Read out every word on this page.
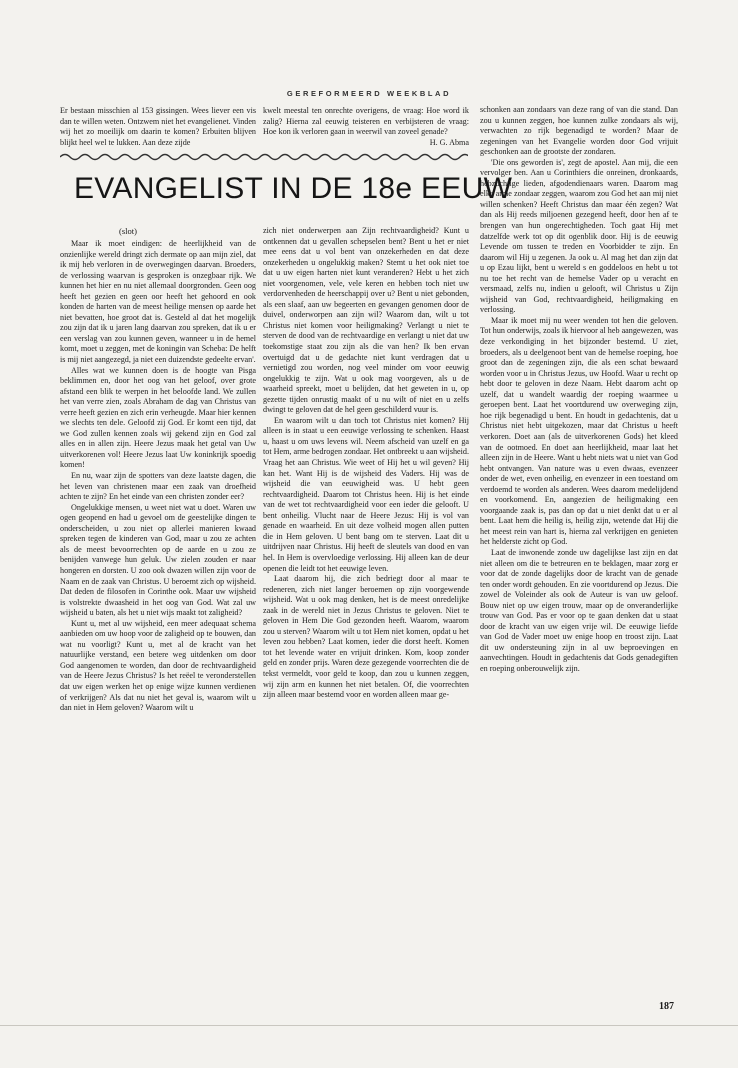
GEREFORMEERD WEEKBLAD

Er bestaan misschien al 153 gissingen. Wees liever een vis dan te willen weten. Ontzwem niet het evangelienet. Vinden wij het zo moeilijk om daarin te komen? Erbuiten blijven blijkt heel wel te lukken. Aan deze zijde

kwelt meestal ten onrechte overigens, de vraag: Hoe word ik zalig? Hierna zal eeuwig teisteren en verbijsteren de vraag: Hoe kon ik verloren gaan in weerwil van zoveel genade?

H. G. Abma

EVANGELIST IN DE 18e EEUW
(slot)

Maar ik moet eindigen: de heerlijkheid van de onzienlijke wereld dringt zich dermate op aan mijn ziel, dat ik mij heb verloren in de overwegingen daarvan. Broeders, de verlossing waarvan is gesproken is onzegbaar rijk. We kunnen het hier en nu niet allemaal doorgronden. Geen oog heeft het gezien en geen oor heeft het gehoord en ook konden de harten van de meest heilige mensen op aarde het niet bevatten, hoe groot dat is. Gesteld al dat het mogelijk zou zijn dat ik u jaren lang daarvan zou spreken, dat ik u er een verslag van zou kunnen geven, wanneer u in de hemel komt, moet u zeggen, met de koningin van Scheba: De helft is mij niet aangezegd, ja niet een duizendste gedeelte ervan'.

Alles wat we kunnen doen is de hoogte van Pisga beklimmen en, door het oog van het geloof, over grote afstand een blik te werpen in het beloofde land. We zullen het van verre zien, zoals Abraham de dag van Christus van verre heeft gezien en zich erin verheugde. Maar hier kennen we slechts ten dele. Geloofd zij God. Er komt een tijd, dat we God zullen kennen zoals wij gekend zijn en God zal alles en in allen zijn. Heere Jezus maak het getal van Uw uitverkorenen vol! Heere Jezus laat Uw koninkrijk spoedig komen!

En nu, waar zijn de spotters van deze laatste dagen, die het leven van christenen maar een zaak van droefheid achten te zijn? En het einde van een christen zonder eer?

Ongelukkige mensen, u weet niet wat u doet. Waren uw ogen geopend en had u gevoel om de geestelijke dingen te onderscheiden, u zou niet op allerlei manieren kwaad spreken tegen de kinderen van God, maar u zou ze achten als de meest bevoorrechten op de aarde en u zou ze benijden vanwege hun geluk. Uw zielen zouden er naar hongeren en dorsten. U zoo ook dwazen willen zijn voor de Naam en de zaak van Christus. U beroemt zich op wijsheid. Dat deden de filosofen in Corinthe ook. Maar uw wijsheid is volstrekte dwaasheid in het oog van God. Wat zal uw wijsheid u baten, als het u niet wijs maakt tot zaligheid?

Kunt u, met al uw wijsheid, een meer adequaat schema aanbieden om uw hoop voor de zaligheid op te bouwen, dan wat nu voorligt? Kunt u, met al de kracht van het natuurlijke verstand, een betere weg uitdenken om door God aangenomen te worden, dan door de rechtvaardigheid van de Heere Jezus Christus? Is het reëel te veronderstellen dat uw eigen werken het op enige wijze kunnen verdienen of verkrijgen? Als dat nu niet het geval is, waarom wilt u dan niet in Hem geloven? Waarom wilt u

zich niet onderwerpen aan Zijn rechtvaardigheid? Kunt u ontkennen dat u gevallen schepselen bent? Bent u het er niet mee eens dat u vol bent van onzekerheden en dat deze onzekerheden u ongelukkig maken? Stemt u het ook niet toe dat u uw eigen harten niet kunt veranderen? Hebt u het zich niet voorgenomen, vele, vele keren en hebben toch niet uw verdorvenheden de heerschappij over u? Bent u niet gebonden, als een slaaf, aan uw begeerten en gevangen genomen door de duivel, onderworpen aan zijn wil? Waarom dan, wilt u tot Christus niet komen voor heiligmaking? Verlangt u niet te sterven de dood van de rechtvaardige en verlangt u niet dat uw toekomstige staat zou zijn als die van hen? Ik ben ervan overtuigd dat u de gedachte niet kunt verdragen dat u vernietigd zou worden, nog veel minder om voor eeuwig ongelukkig te zijn. Wat u ook mag voorgeven, als u de waarheid spreekt, moet u belijden, dat het geweten in u, op gezette tijden onrustig maakt of u nu wilt of niet en u zelfs dwingt te geloven dat de hel geen geschilderd vuur is.

En waarom wilt u dan toch tot Christus niet komen? Hij alleen is in staat u een eeuwige verlossing te schenken. Haast u, haast u om uws levens wil. Neem afscheid van uzelf en ga tot Hem, arme bedrogen zondaar. Het ontbreekt u aan wijsheid. Vraag het aan Christus. Wie weet of Hij het u wil geven? Hij kan het. Want Hij is de wijsheid des Vaders. Hij was de wijsheid die van eeuwigheid was. U hebt geen rechtvaardigheid. Daarom tot Christus heen. Hij is het einde van de wet tot rechtvaardigheid voor een ieder die gelooft. U bent onheilig. Vlucht naar de Heere Jezus: Hij is vol van genade en waarheid. En uit deze volheid mogen allen putten die in Hem geloven. U bent bang om te sterven. Laat dit u uitdrijven naar Christus. Hij heeft de sleutels van dood en van hel. In Hem is overvloedige verlossing. Hij alleen kan de deur openen die leidt tot het eeuwige leven.

Laat daarom hij, die zich bedriegt door al maar te redeneren, zich niet langer beroemen op zijn voorgewende wijsheid. Wat u ook mag denken, het is de meest onredelijke zaak in de wereld niet in Jezus Christus te geloven. Niet te geloven in Hem Die God gezonden heeft. Waarom, waarom zou u sterven? Waarom wilt u tot Hem niet komen, opdat u het leven zou hebben? Laat komen, ieder die dorst heeft. Komen tot het levende water en vrijuit drinken. Kom, koop zonder geld en zonder prijs. Waren deze gezegende voorrechten die de tekst vermeldt, voor geld te koop, dan zou u kunnen zeggen, wij zijn arm en kunnen het niet betalen. Of, die voorrechten zijn alleen maar bestemd voor en worden alleen maar ge-

schonken aan zondaars van deze rang of van die stand. Dan zou u kunnen zeggen, hoe kunnen zulke zondaars als wij, verwachten zo rijk begenadigd te worden? Maar de zegeningen van het Evangelie worden door God vrijuit geschonken aan de grootste der zondaren.

'Die ons geworden is', zegt de apostel. Aan mij, die een vervolger ben. Aan u Corinthiers die onreinen, dronkaards, hebzuchtige lieden, afgodendienaars waren. Daarom mag elke arme zondaar zeggen, waarom zou God het aan mij niet willen schenken? Heeft Christus dan maar één zegen? Wat dan als Hij reeds miljoenen gezegend heeft, door hen af te brengen van hun ongerechtigheden. Toch gaat Hij met datzelfde werk tot op dit ogenblik door. Hij is de eeuwig Levende om tussen te treden en Voorbidder te zijn. En daarom wil Hij u zegenen. Ja ook u. Al mag het dan zijn dat u op Ezau lijkt, bent u wereld s en goddeloos en hebt u tot nu toe het recht van de hemelse Vader op u veracht en versmaad, zelfs nu, indien u gelooft, wil Christus u Zijn wijsheid van God, rechtvaardigheid, heiligmaking en verlossing.

Maar ik moet mij nu weer wenden tot hen die geloven. Tot hun onderwijs, zoals ik hiervoor al heb aangewezen, was deze verkondiging in het bijzonder bestemd. U ziet, broeders, als u deelgenoot bent van de hemelse roeping, hoe groot dan de zegeningen zijn, die als een schat bewaard worden voor u in Christus Jezus, uw Hoofd. Waar u recht op hebt door te geloven in deze Naam. Hebt daarom acht op uzelf, dat u wandelt waardig der roeping waarmee u geroepen bent. Laat het voortdurend uw overweging zijn, hoe rijk begenadigd u bent. En houdt in gedachtenis, dat u Christus niet hebt uitgekozen, maar dat Christus u heeft verkoren. Doet aan (als de uitverkorenen Gods) het kleed van de ootmoed. En doet aan heerlijkheid, maar laat het alleen zijn in de Heere. Want u hebt niets wat u niet van God hebt ontvangen. Van nature was u even dwaas, evenzeer onder de wet, even onheilig, en evenzeer in een toestand om verdoemd te worden als anderen. Wees daarom medelijdend en voorkomend. En, aangezien de heiligmaking een voorgaande zaak is, pas dan op dat u niet denkt dat u er al bent. Laat hem die heilig is, heilig zijn, wetende dat Hij die het meest rein van hart is, hierna zal verkrijgen en genieten het helderste zicht op God.

Laat de inwonende zonde uw dagelijkse last zijn en dat niet alleen om die te betreuren en te beklagen, maar zorg er voor dat de zonde dagelijks door de kracht van de genade ten onder wordt gehouden. En zie voortdurend op Jezus. Die zowel de Voleinder als ook de Auteur is van uw geloof. Bouw niet op uw eigen trouw, maar op de onveranderlijke trouw van God. Pas er voor op te gaan denken dat u staat door de kracht van uw eigen vrije wil. De eeuwige liefde van God de Vader moet uw enige hoop en troost zijn. Laat dit uw ondersteuning zijn in al uw beproevingen en aanvechtingen. Houdt in gedachtenis dat Gods genadegiften en roeping onberouwelijk zijn.

187
